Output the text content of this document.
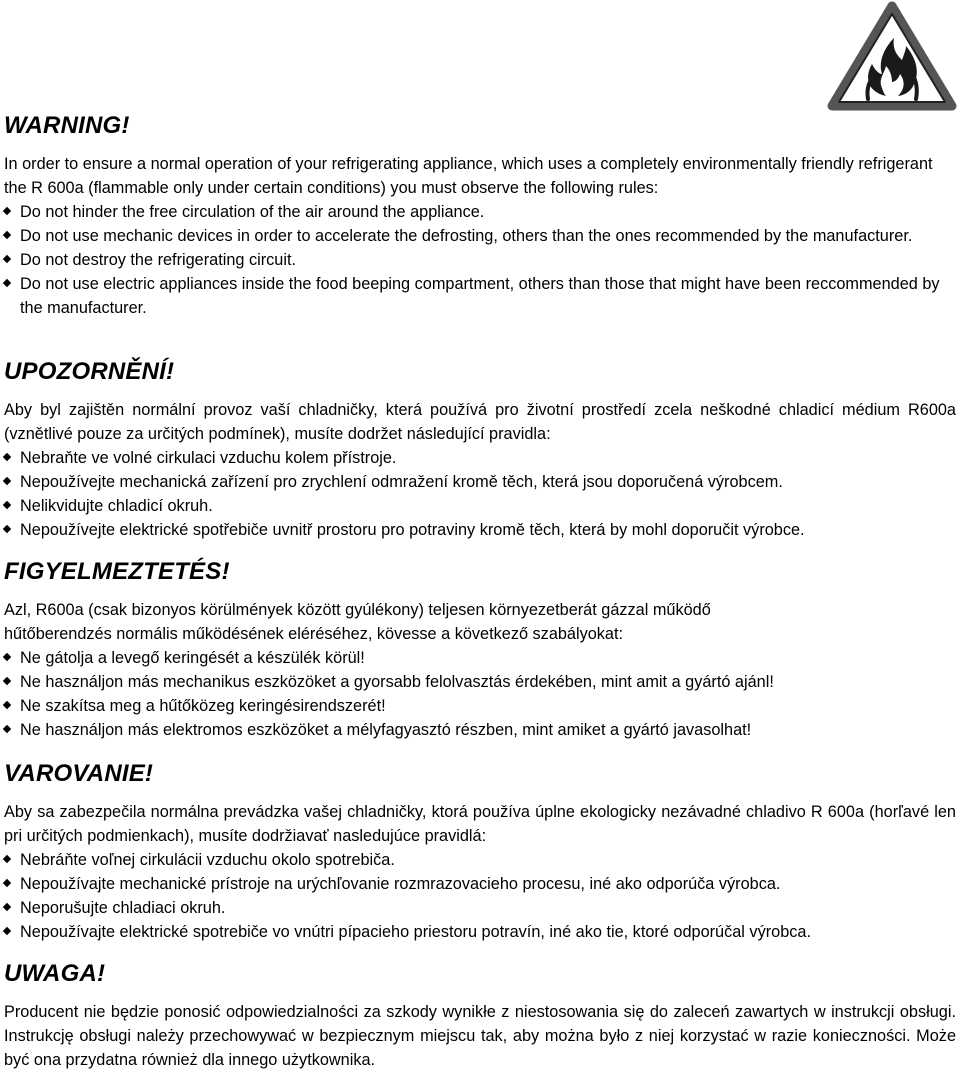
WARNING!

In order to ensure a normal operation of your refrigerating appliance, which uses a completely environmentally friendly refrigerant the R 600a (flammable only under certain conditions) you must observe the following rules:

Do not hinder the free circulation of the air around the appliance.
Do not use mechanic devices in order to accelerate the defrosting, others than the ones recommended by the manufacturer.
Do not destroy the refrigerating circuit.
Do not use electric appliances inside the food beeping compartment, others than those that might have been reccommended by the manufacturer.
UPOZORNĚNÍ!

Aby byl zajištěn normální provoz vaší chladničky, která používá pro životní prostředí zcela neškodné chladicí médium R600a (vznětlivé pouze za určitých podmínek), musíte dodržet následující pravidla:

Nebraňte ve volné cirkulaci vzduchu kolem přístroje.
Nepoužívejte mechanická zařízení pro zrychlení odmražení kromě těch, která jsou doporučená výrobcem.
Nelikvidujte chladicí okruh.
Nepoužívejte elektrické spotřebiče uvnitř prostoru pro potraviny kromě těch, která by mohl doporučit výrobce.
FIGYELMEZTETÉS!

Azl, R600a (csak bizonyos körülmények között gyúlékony) teljesen környezetberát gázzal működő
hűtőberendzés normális működésének eléréséhez, kövesse a következő szabályokat:

Ne gátolja a levegő keringését a készülék körül!
Ne használjon más mechanikus eszközöket a gyorsabb felolvasztás érdekében, mint amit a gyártó ajánl!
Ne szakítsa meg a hűtőközeg keringésirendszerét!
Ne használjon más elektromos eszközöket a mélyfagyasztó részben, mint amiket a gyártó javasolhat!
VAROVANIE!

Aby sa zabezpečila normálna prevádzka vašej chladničky, ktorá používa úplne ekologicky nezávadné chladivo R 600a (horľavé len pri určitých podmienkach), musíte dodržiavať nasledujúce pravidlá:

Nebráňte voľnej cirkulácii vzduchu okolo spotrebiča.
Nepoužívajte mechanické prístroje na urýchľovanie rozmrazovacieho procesu, iné ako odporúča výrobca.
Neporušujte chladiaci okruh.
Nepoužívajte elektrické spotrebiče vo vnútri pípacieho priestoru potravín, iné ako tie, ktoré odporúčal výrobca.
UWAGA!

Producent nie będzie ponosić odpowiedzialności za szkody wynikłe z niestosowania się do zaleceń zawartych w instrukcji obsługi. Instrukcję obsługi należy przechowywać w bezpiecznym miejscu tak, aby można było z niej korzystać w razie konieczności. Może być ona przydatna również dla innego użytkownika.
